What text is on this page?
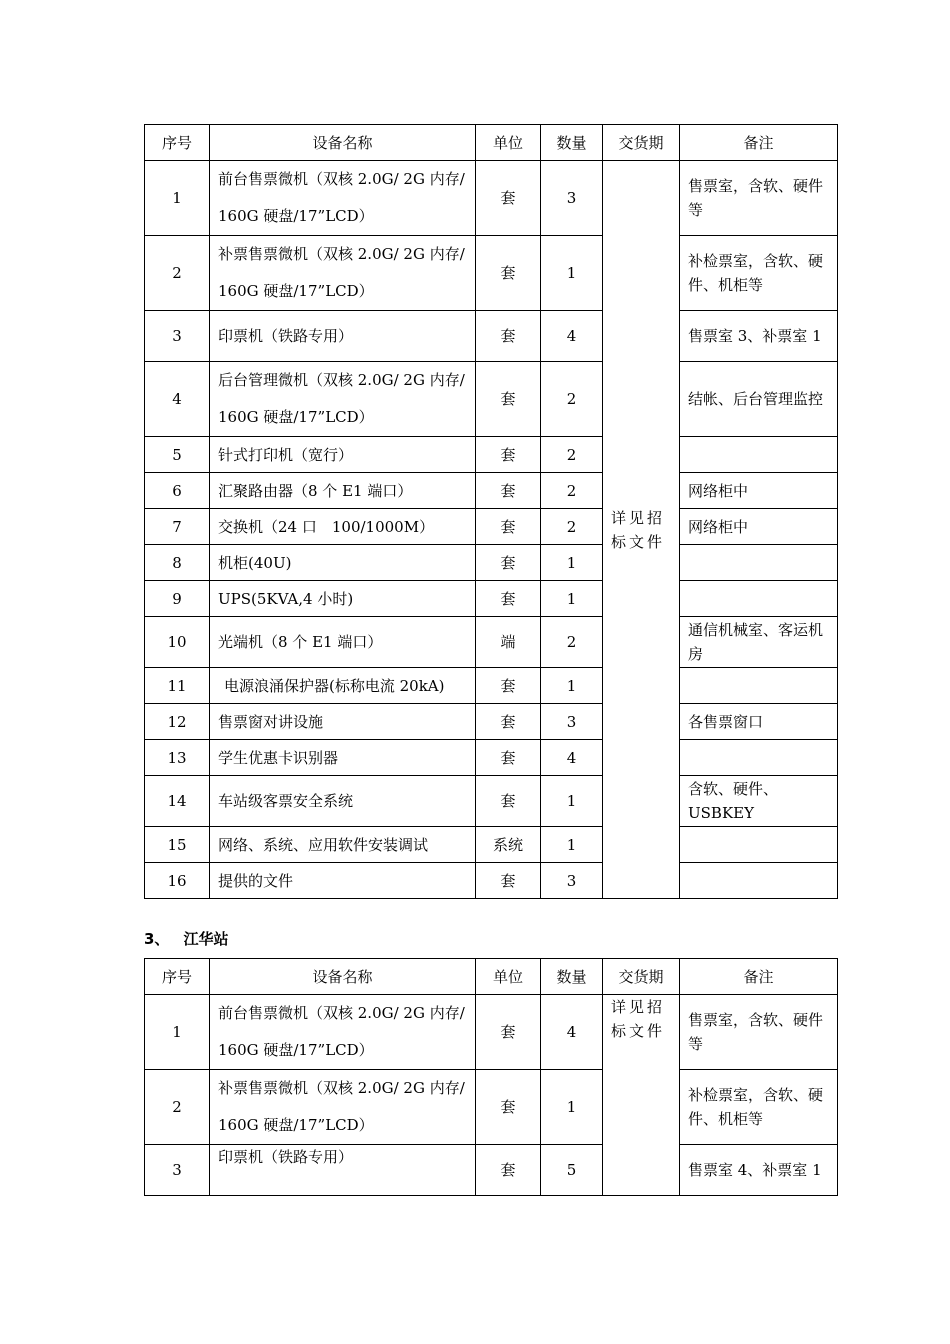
序号	设备名称	单位	数量	交货期	备注
1	前台售票微机（双核 2.0G/ 2G 内存/ 160G 硬盘/17”LCD）	套	3	详见招标文件	售票室，含软、硬件等
2	补票售票微机（双核 2.0G/ 2G 内存/ 160G 硬盘/17”LCD）	套	1		补检票室，含软、硬件、机柜等
3	印票机（铁路专用）	套	4		售票室 3、补票室 1
4	后台管理微机（双核 2.0G/ 2G 内存/ 160G 硬盘/17”LCD）	套	2		结帐、后台管理监控
5	针式打印机（宽行）	套	2		
6	汇聚路由器（8 个 E1 端口）	套	2		网络柜中
7	交换机（24 口　100/1000M）	套	2		网络柜中
8	机柜(40U)	套	1		
9	UPS(5KVA,4 小时)	套	1		
10	光端机（8 个 E1 端口）	端	2		通信机械室、客运机房
11	电源浪涌保护器(标称电流 20kA)	套	1		
12	售票窗对讲设施	套	3		各售票窗口
13	学生优惠卡识别器	套	4		
14	车站级客票安全系统	套	1		含软、硬件、USBKEY
15	网络、系统、应用软件安装调试	系统	1		
16	提供的文件	套	3		
3、 江华站
序号	设备名称	单位	数量	交货期	备注
1	前台售票微机（双核 2.0G/ 2G 内存/ 160G 硬盘/17”LCD）	套	4	详见招标文件	售票室，含软、硬件等
2	补票售票微机（双核 2.0G/ 2G 内存/ 160G 硬盘/17”LCD）	套	1		补检票室，含软、硬件、机柜等
3	印票机（铁路专用）	套	5		售票室 4、补票室 1
